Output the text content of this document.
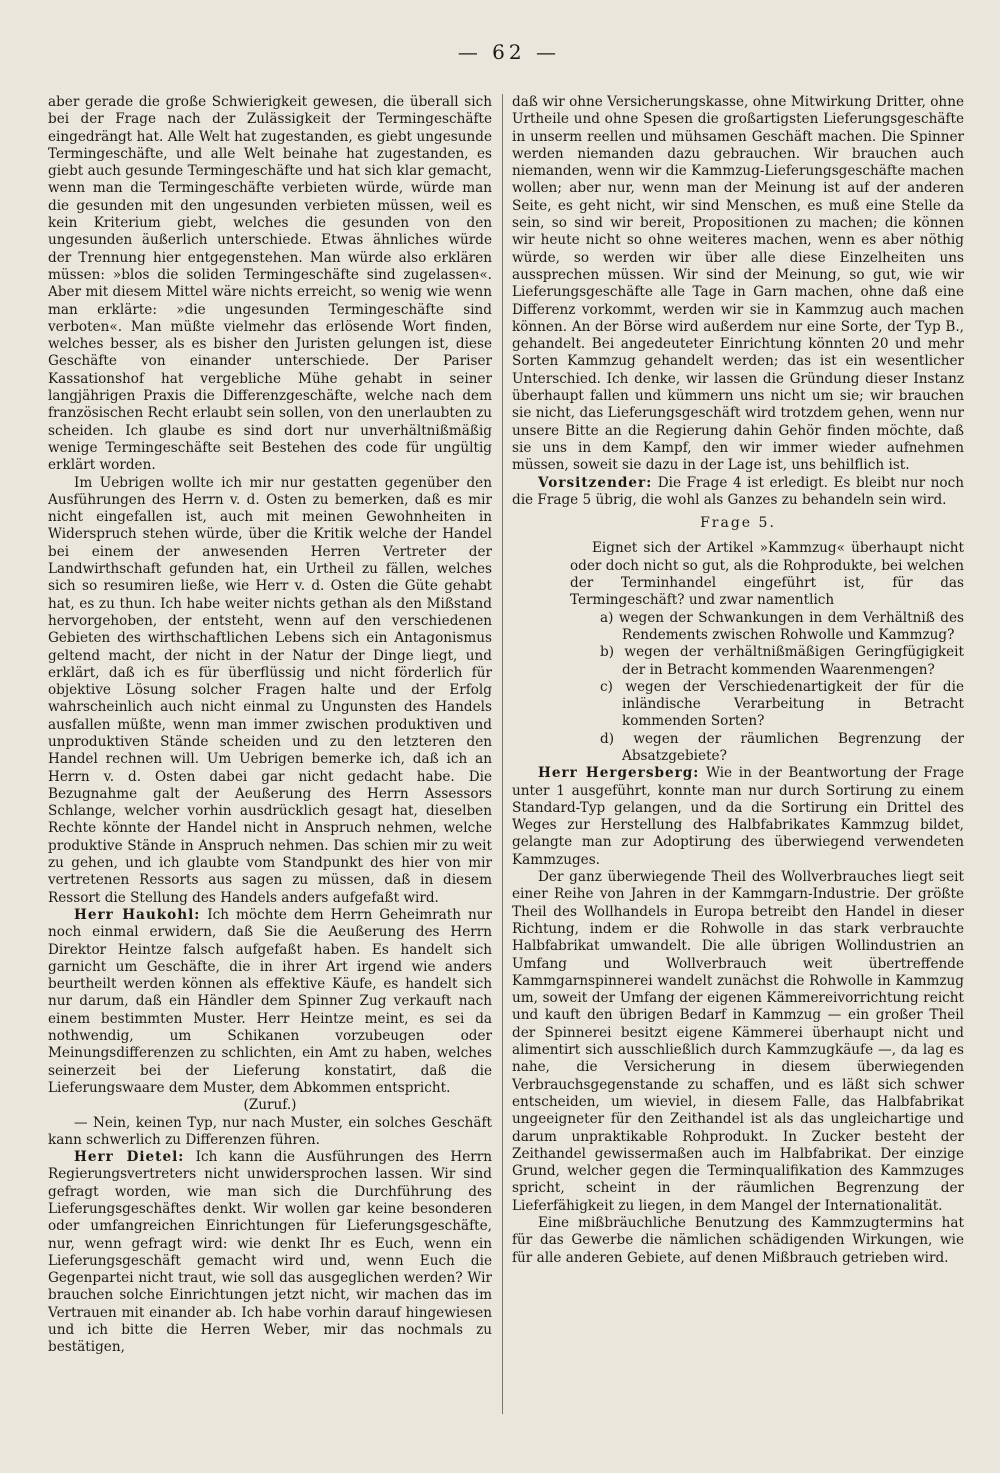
— 62 —

aber gerade die große Schwierigkeit gewesen, die überall sich bei der Frage nach der Zulässigkeit der Termingeschäfte eingedrängt hat. Alle Welt hat zugestanden, es giebt ungesunde Termingeschäfte, und alle Welt beinahe hat zugestanden, es giebt auch gesunde Termingeschäfte und hat sich klar gemacht, wenn man die Termingeschäfte verbieten würde, würde man die gesunden mit den ungesunden verbieten müssen, weil es kein Kriterium giebt, welches die gesunden von den ungesunden äußerlich unterschiede. Etwas ähnliches würde der Trennung hier entgegenstehen. Man würde also erklären müssen: »blos die soliden Termingeschäfte sind zugelassen«. Aber mit diesem Mittel wäre nichts erreicht, so wenig wie wenn man erklärte: »die ungesunden Termingeschäfte sind verboten«. Man müßte vielmehr das erlösende Wort finden, welches besser, als es bisher den Juristen gelungen ist, diese Geschäfte von einander unterschiede. Der Pariser Kassationshof hat vergebliche Mühe gehabt in seiner langjährigen Praxis die Differenzgeschäfte, welche nach dem französischen Recht erlaubt sein sollen, von den unerlaubten zu scheiden. Ich glaube es sind dort nur unverhältnißmäßig wenige Termingeschäfte seit Bestehen des code für ungültig erklärt worden.

Im Uebrigen wollte ich mir nur gestatten gegenüber den Ausführungen des Herrn v. d. Osten zu bemerken, daß es mir nicht eingefallen ist, auch mit meinen Gewohnheiten in Widerspruch stehen würde, über die Kritik welche der Handel bei einem der anwesenden Herren Vertreter der Landwirthschaft gefunden hat, ein Urtheil zu fällen, welches sich so resumiren ließe, wie Herr v. d. Osten die Güte gehabt hat, es zu thun. Ich habe weiter nichts gethan als den Mißstand hervorgehoben, der entsteht, wenn auf den verschiedenen Gebieten des wirthschaftlichen Lebens sich ein Antagonismus geltend macht, der nicht in der Natur der Dinge liegt, und erklärt, daß ich es für überflüssig und nicht förderlich für objektive Lösung solcher Fragen halte und der Erfolg wahrscheinlich auch nicht einmal zu Ungunsten des Handels ausfallen müßte, wenn man immer zwischen produktiven und unproduktiven Stände scheiden und zu den letzteren den Handel rechnen will. Um Uebrigen bemerke ich, daß ich an Herrn v. d. Osten dabei gar nicht gedacht habe. Die Bezugnahme galt der Aeußerung des Herrn Assessors Schlange, welcher vorhin ausdrücklich gesagt hat, dieselben Rechte könnte der Handel nicht in Anspruch nehmen, welche produktive Stände in Anspruch nehmen. Das schien mir zu weit zu gehen, und ich glaubte vom Standpunkt des hier von mir vertretenen Ressorts aus sagen zu müssen, daß in diesem Ressort die Stellung des Handels anders aufgefaßt wird.

Herr Haukohl: Ich möchte dem Herrn Geheimrath nur noch einmal erwidern, daß Sie die Aeußerung des Herrn Direktor Heintze falsch aufgefaßt haben. Es handelt sich garnicht um Geschäfte, die in ihrer Art irgend wie anders beurtheilt werden können als effektive Käufe, es handelt sich nur darum, daß ein Händler dem Spinner Zug verkauft nach einem bestimmten Muster. Herr Heintze meint, es sei da nothwendig, um Schikanen vorzubeugen oder Meinungsdifferenzen zu schlichten, ein Amt zu haben, welches seinerzeit bei der Lieferung konstatirt, daß die Lieferungswaare dem Muster, dem Abkommen entspricht.

(Zuruf.)

— Nein, keinen Typ, nur nach Muster, ein solches Geschäft kann schwerlich zu Differenzen führen.

Herr Dietel: Ich kann die Ausführungen des Herrn Regierungsvertreters nicht unwidersprochen lassen. Wir sind gefragt worden, wie man sich die Durchführung des Lieferungsgeschäftes denkt. Wir wollen gar keine besonderen oder umfangreichen Einrichtungen für Lieferungsgeschäfte, nur, wenn gefragt wird: wie denkt Ihr es Euch, wenn ein Lieferungsgeschäft gemacht wird und, wenn Euch die Gegenpartei nicht traut, wie soll das ausgeglichen werden? Wir brauchen solche Einrichtungen jetzt nicht, wir machen das im Vertrauen mit einander ab. Ich habe vorhin darauf hingewiesen und ich bitte die Herren Weber, mir das nochmals zu bestätigen,

daß wir ohne Versicherungskasse, ohne Mitwirkung Dritter, ohne Urtheile und ohne Spesen die großartigsten Lieferungsgeschäfte in unserm reellen und mühsamen Geschäft machen. Die Spinner werden niemanden dazu gebrauchen. Wir brauchen auch niemanden, wenn wir die Kammzug-Lieferungsgeschäfte machen wollen; aber nur, wenn man der Meinung ist auf der anderen Seite, es geht nicht, wir sind Menschen, es muß eine Stelle da sein, so sind wir bereit, Propositionen zu machen; die können wir heute nicht so ohne weiteres machen, wenn es aber nöthig würde, so werden wir über alle diese Einzelheiten uns aussprechen müssen. Wir sind der Meinung, so gut, wie wir Lieferungsgeschäfte alle Tage in Garn machen, ohne daß eine Differenz vorkommt, werden wir sie in Kammzug auch machen können. An der Börse wird außerdem nur eine Sorte, der Typ B., gehandelt. Bei angedeuteter Einrichtung könnten 20 und mehr Sorten Kammzug gehandelt werden; das ist ein wesentlicher Unterschied. Ich denke, wir lassen die Gründung dieser Instanz überhaupt fallen und kümmern uns nicht um sie; wir brauchen sie nicht, das Lieferungsgeschäft wird trotzdem gehen, wenn nur unsere Bitte an die Regierung dahin Gehör finden möchte, daß sie uns in dem Kampf, den wir immer wieder aufnehmen müssen, soweit sie dazu in der Lage ist, uns behilflich ist.

Vorsitzender: Die Frage 4 ist erledigt. Es bleibt nur noch die Frage 5 übrig, die wohl als Ganzes zu behandeln sein wird.

Frage 5.

Eignet sich der Artikel »Kammzug« überhaupt nicht oder doch nicht so gut, als die Rohprodukte, bei welchen der Terminhandel eingeführt ist, für das Termingeschäft? und zwar namentlich

a) wegen der Schwankungen in dem Verhältniß des Rendements zwischen Rohwolle und Kammzug?

b) wegen der verhältnißmäßigen Geringfügigkeit der in Betracht kommenden Waarenmengen?

c) wegen der Verschiedenartigkeit der für die inländische Verarbeitung in Betracht kommenden Sorten?

d) wegen der räumlichen Begrenzung der Absatzgebiete?

Herr Hergersberg: Wie in der Beantwortung der Frage unter 1 ausgeführt, konnte man nur durch Sortirung zu einem Standard-Typ gelangen, und da die Sortirung ein Drittel des Weges zur Herstellung des Halbfabrikates Kammzug bildet, gelangte man zur Adoptirung des überwiegend verwendeten Kammzuges.

Der ganz überwiegende Theil des Wollverbrauches liegt seit einer Reihe von Jahren in der Kammgarn-Industrie. Der größte Theil des Wollhandels in Europa betreibt den Handel in dieser Richtung, indem er die Rohwolle in das stark verbrauchte Halbfabrikat umwandelt. Die alle übrigen Wollindustrien an Umfang und Wollverbrauch weit übertreffende Kammgarnspinnerei wandelt zunächst die Rohwolle in Kammzug um, soweit der Umfang der eigenen Kämmereivorrichtung reicht und kauft den übrigen Bedarf in Kammzug — ein großer Theil der Spinnerei besitzt eigene Kämmerei überhaupt nicht und alimentirt sich ausschließlich durch Kammzugkäufe —, da lag es nahe, die Versicherung in diesem überwiegenden Verbrauchsgegenstande zu schaffen, und es läßt sich schwer entscheiden, um wieviel, in diesem Falle, das Halbfabrikat ungeeigneter für den Zeithandel ist als das ungleichartige und darum unpraktikable Rohprodukt. In Zucker besteht der Zeithandel gewissermaßen auch im Halbfabrikat. Der einzige Grund, welcher gegen die Terminqualifikation des Kammzuges spricht, scheint in der räumlichen Begrenzung der Lieferfähigkeit zu liegen, in dem Mangel der Internationalität.

Eine mißbräuchliche Benutzung des Kammzugtermins hat für das Gewerbe die nämlichen schädigenden Wirkungen, wie für alle anderen Gebiete, auf denen Mißbrauch getrieben wird.
